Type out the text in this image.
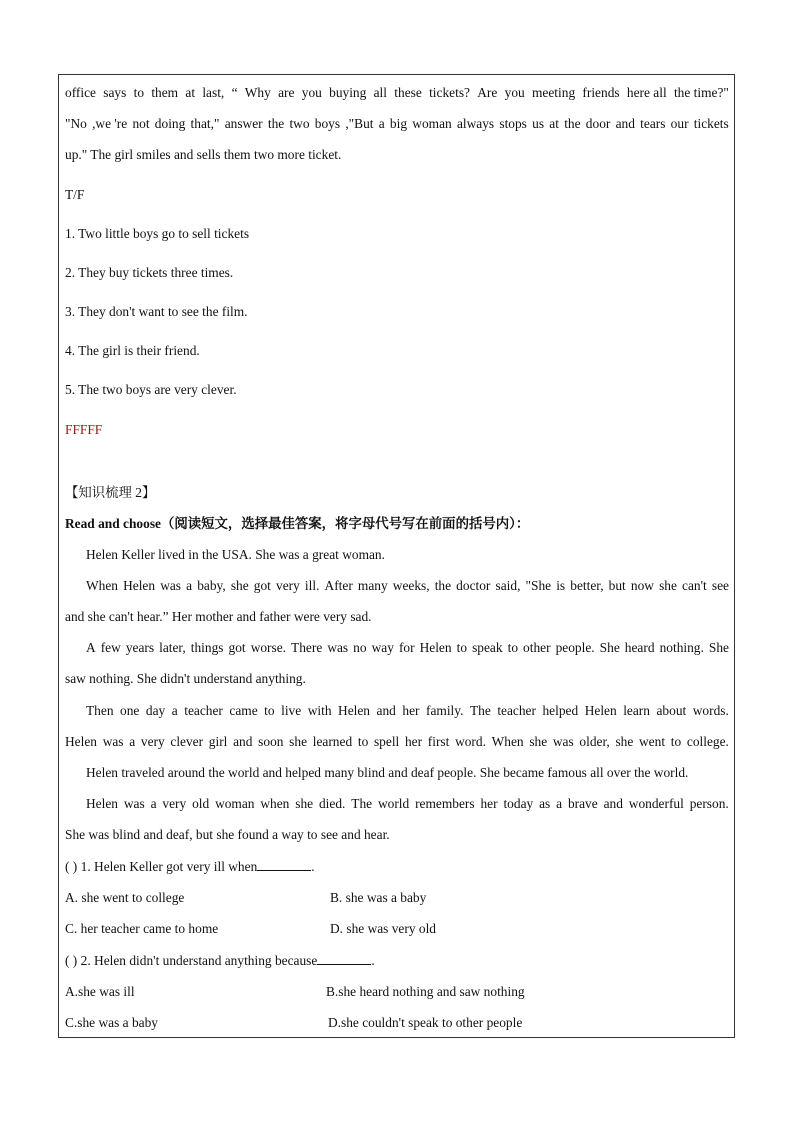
office says to them at last, “ Why are you buying all these tickets? Are you meeting friends here all the time?"
"No ,we 're not doing that," answer the two boys ,"But a big woman always stops us at the door and tears our tickets
up." The girl smiles and sells them two more ticket.
T/F
1. Two little boys go to sell tickets
2. They buy tickets three times.
3. They don't want to see the film.
4. The girl is their friend.
5. The two boys are very clever.
FFFFF
【知识梳理 2】
Read and choose（阅读短文，选择最佳答案，将字母代号写在前面的括号内）：
Helen Keller lived in the USA. She was a great woman.
When Helen was a baby, she got very ill. After many weeks, the doctor said, "She is better, but now she can't see
and she can't hear.” Her mother and father were very sad.
A few years later, things got worse. There was no way for Helen to speak to other people. She heard nothing. She
saw nothing. She didn't understand anything.
Then one day a teacher came to live with Helen and her family. The teacher helped Helen learn about words.
Helen was a very clever girl and soon she learned to spell her first word. When she was older, she went to college.
Helen traveled around the world and helped many blind and deaf people. She became famous all over the world.
Helen was a very old woman when she died. The world remembers her today as a brave and wonderful person.
She was blind and deaf, but she found a way to see and hear.
( ) 1. Helen Keller got very ill when	.
A. she went to college	B. she was a baby
C. her teacher came to home	D. she was very old
( ) 2. Helen didn't understand anything because	.
A.she was ill	B.she heard nothing and saw nothing
C.she was a baby	D.she couldn't speak to other people
